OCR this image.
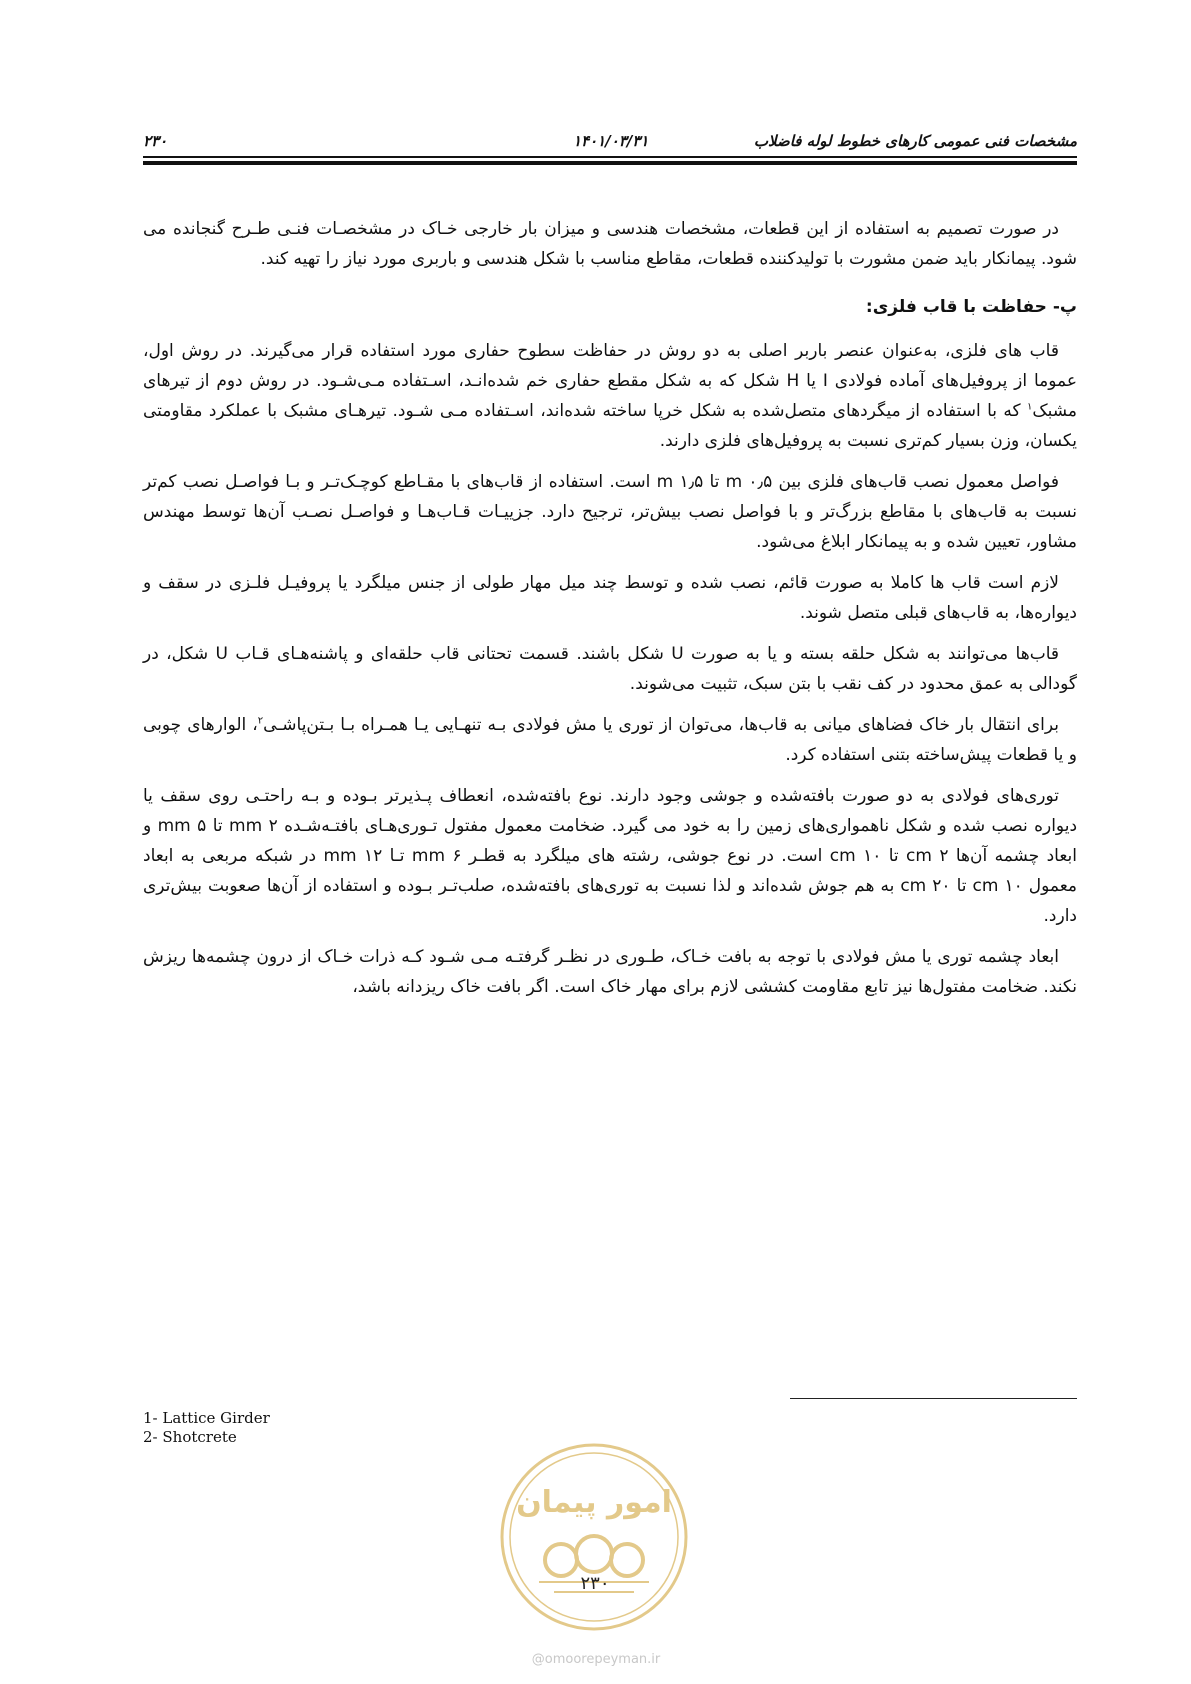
مشخصات فنی عمومی کارهای خطوط لوله فاضلاب
۱۴۰۱/۰۳/۳۱
۲۳۰

در صورت تصمیم به استفاده از این قطعات، مشخصات هندسی و میزان بار خارجی خـاک در مشخصـات فنـی طـرح گنجانده می شود. پیمانکار باید ضمن مشورت با تولیدکننده قطعات، مقاطع مناسب با شکل هندسی و باربری مورد نیاز را تهیه کند.

پ- حفاظت با قاب فلزی:

قاب های فلزی، به‌عنوان عنصر باربر اصلی به دو روش در حفاظت سطوح حفاری مورد استفاده قرار می‌گیرند. در روش اول، عموما از پروفیل‌های آماده فولادی I یا H شکل که به شکل مقطع حفاری خم شده‌انـد، اسـتفاده مـی‌شـود. در روش دوم از تیرهای مشبک$^۱$ که با استفاده از میگردهای متصل‌شده به شکل خرپا ساخته شده‌اند، اسـتفاده مـی شـود. تیرهـای مشبک با عملکرد مقاومتی یکسان، وزن بسیار کم‌تری نسبت به پروفیل‌های فلزی دارند.

فواصل معمول نصب قاب‌های فلزی بین ۰٫۵ m تا ۱٫۵ m است. استفاده از قاب‌های با مقـاطع کوچـک‌تـر و بـا فواصـل نصب کم‌تر نسبت به قاب‌های با مقاطع بزرگ‌تر و با فواصل نصب بیش‌تر، ترجیح دارد. جزییـات قـاب‌هـا و فواصـل نصـب آن‌ها توسط مهندس مشاور، تعیین شده و به پیمانکار ابلاغ می‌شود.

لازم است قاب ها کاملا به صورت قائم، نصب شده و توسط چند میل مهار طولی از جنس میلگرد یا پروفیـل فلـزی در سقف و دیواره‌ها، به قاب‌های قبلی متصل شوند.

قاب‌ها می‌توانند به شکل حلقه بسته و یا به صورت U شکل باشند. قسمت تحتانی قاب حلقه‌ای و پاشنه‌هـای قـاب U شکل، در گودالی به عمق محدود در کف نقب با بتن سبک، تثبیت می‌شوند.

برای انتقال بار خاک فضاهای میانی به قاب‌ها، می‌توان از توری یا مش فولادی بـه تنهـایی یـا همـراه بـا بـتن‌پاشـی$^۲$، الوارهای چوبی و یا قطعات پیش‌ساخته بتنی استفاده کرد.

توری‌های فولادی به دو صورت بافته‌شده و جوشی وجود دارند. نوع بافته‌شده، انعطاف پـذیرتر بـوده و بـه راحتـی روی سقف یا دیواره نصب شده و شکل ناهمواری‌های زمین را به خود می گیرد. ضخامت معمول مفتول تـوری‌هـای بافتـه‌شـده ۲ mm تا ۵ mm و ابعاد چشمه آن‌ها ۲ cm تا ۱۰ cm است. در نوع جوشی، رشته های میلگرد به قطـر ۶ mm تـا ۱۲ mm در شبکه مربعی به ابعاد معمول ۱۰ cm تا ۲۰ cm به هم جوش شده‌اند و لذا نسبت به توری‌های بافته‌شده، صلب‌تـر بـوده و استفاده از آن‌ها صعوبت بیش‌تری دارد.

ابعاد چشمه توری یا مش فولادی با توجه به بافت خـاک، طـوری در نظـر گرفتـه مـی شـود کـه ذرات خـاک از درون چشمه‌ها ریزش نکند. ضخامت مفتول‌ها نیز تابع مقاومت کششی لازم برای مهار خاک است. اگر بافت خاک ریزدانه باشد،

1- Lattice Girder
2- Shotcrete
امور پیمان
۲۳۰
@omoorepeyman.ir
